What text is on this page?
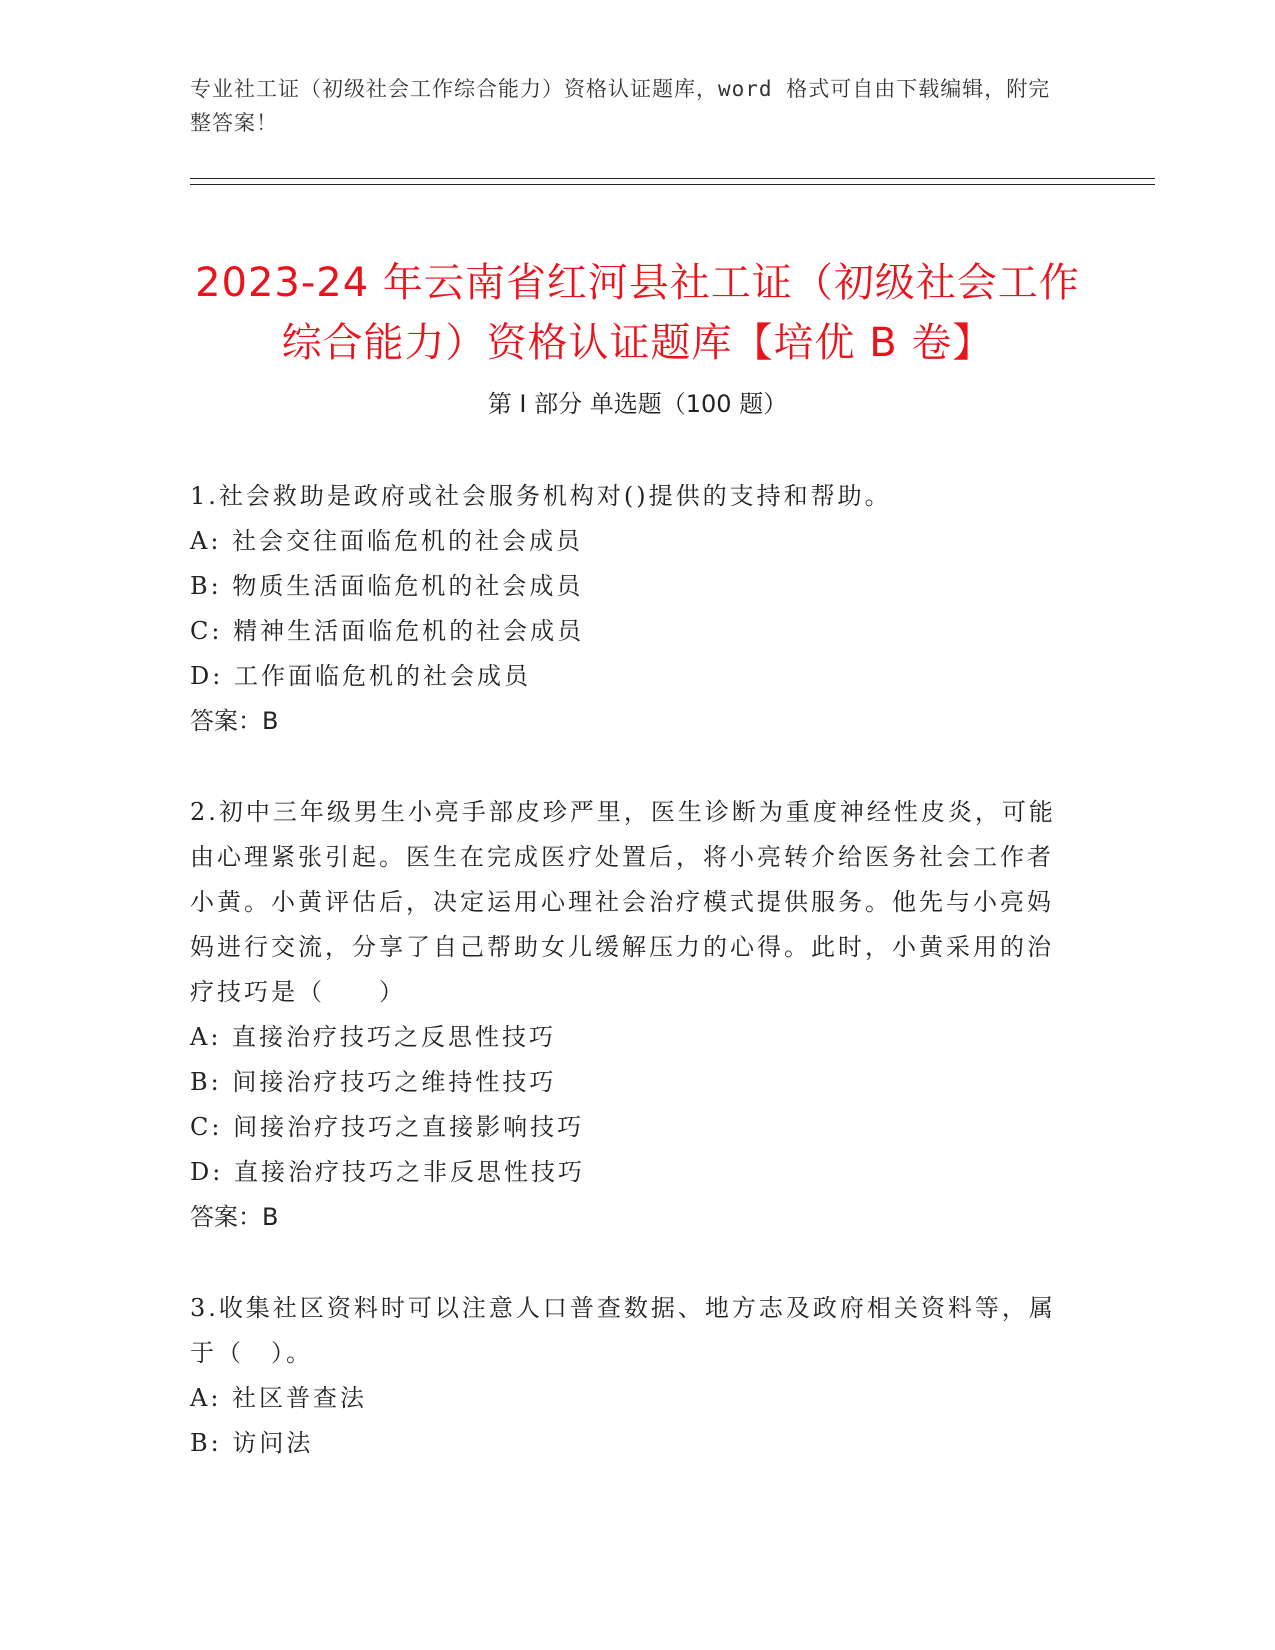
专业社工证（初级社会工作综合能力）资格认证题库，word 格式可自由下载编辑，附完整答案！
2023-24 年云南省红河县社工证（初级社会工作综合能力）资格认证题库【培优 B 卷】
第 I 部分 单选题（100 题）
1.社会救助是政府或社会服务机构对()提供的支持和帮助。
A: 社会交往面临危机的社会成员
B: 物质生活面临危机的社会成员
C: 精神生活面临危机的社会成员
D: 工作面临危机的社会成员
答案：B
2.初中三年级男生小亮手部皮珍严里，医生诊断为重度神经性皮炎，可能由心理紧张引起。医生在完成医疗处置后，将小亮转介给医务社会工作者小黄。小黄评估后，决定运用心理社会治疗模式提供服务。他先与小亮妈妈进行交流，分享了自己帮助女儿缓解压力的心得。此时，小黄采用的治疗技巧是（　　）
A: 直接治疗技巧之反思性技巧
B: 间接治疗技巧之维持性技巧
C: 间接治疗技巧之直接影响技巧
D: 直接治疗技巧之非反思性技巧
答案：B
3.收集社区资料时可以注意人口普查数据、地方志及政府相关资料等，属于（　）。
A: 社区普查法
B: 访问法
